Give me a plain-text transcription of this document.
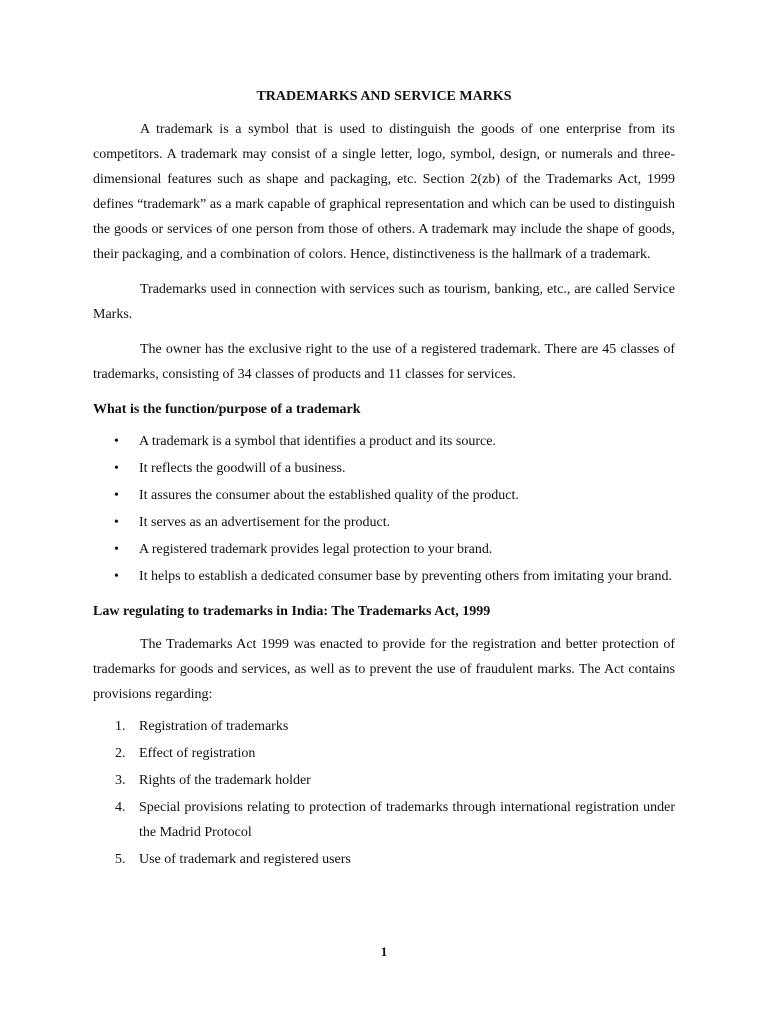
TRADEMARKS AND SERVICE MARKS

A trademark is a symbol that is used to distinguish the goods of one enterprise from its competitors. A trademark may consist of a single letter, logo, symbol, design, or numerals and three-dimensional features such as shape and packaging, etc. Section 2(zb) of the Trademarks Act, 1999 defines “trademark” as a mark capable of graphical representation and which can be used to distinguish the goods or services of one person from those of others. A trademark may include the shape of goods, their packaging, and a combination of colors. Hence, distinctiveness is the hallmark of a trademark.

Trademarks used in connection with services such as tourism, banking, etc., are called Service Marks.

The owner has the exclusive right to the use of a registered trademark. There are 45 classes of trademarks, consisting of 34 classes of products and 11 classes for services.

What is the function/purpose of a trademark
• A trademark is a symbol that identifies a product and its source.
• It reflects the goodwill of a business.
• It assures the consumer about the established quality of the product.
• It serves as an advertisement for the product.
• A registered trademark provides legal protection to your brand.
• It helps to establish a dedicated consumer base by preventing others from imitating your brand.
Law regulating to trademarks in India: The Trademarks Act, 1999

The Trademarks Act 1999 was enacted to provide for the registration and better protection of trademarks for goods and services, as well as to prevent the use of fraudulent marks. The Act contains provisions regarding:

1. Registration of trademarks
2. Effect of registration
3. Rights of the trademark holder
4. Special provisions relating to protection of trademarks through international registration under the Madrid Protocol
5. Use of trademark and registered users
1
